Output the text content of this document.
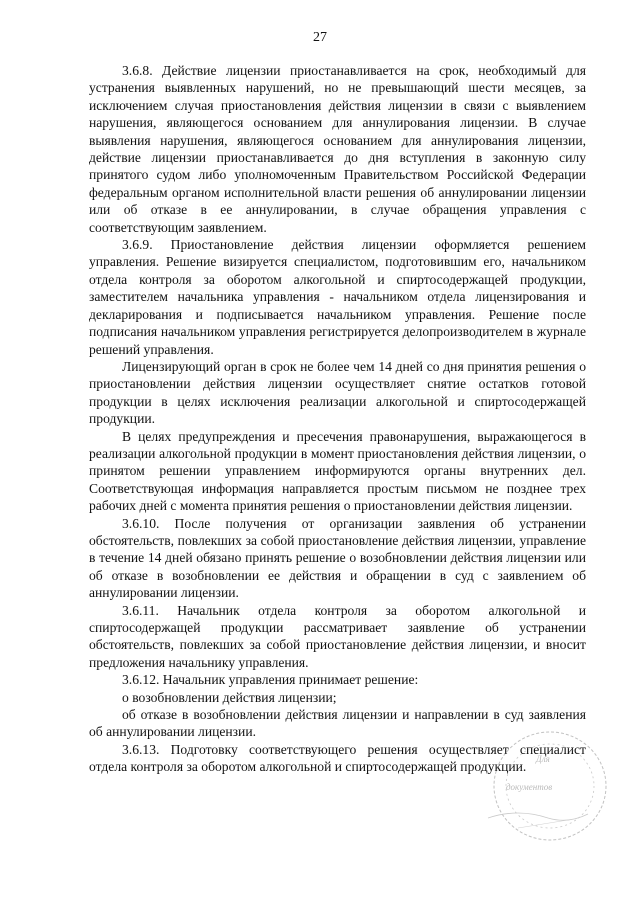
27

3.6.8. Действие лицензии приостанавливается на срок, необходимый для устранения выявленных нарушений, но не превышающий шести месяцев, за исключением случая приостановления действия лицензии в связи с выявлением нарушения, являющегося основанием для аннулирования лицензии. В случае выявления нарушения, являющегося основанием для аннулирования лицензии, действие лицензии приостанавливается до дня вступления в законную силу принятого судом либо уполномоченным Правительством Российской Федерации федеральным органом исполнительной власти решения об аннулировании лицензии или об отказе в ее аннулировании, в случае обращения управления с соответствующим заявлением.

3.6.9. Приостановление действия лицензии оформляется решением управления. Решение визируется специалистом, подготовившим его, начальником отдела контроля за оборотом алкогольной и спиртосодержащей продукции, заместителем начальника управления - начальником отдела лицензирования и декларирования и подписывается начальником управления. Решение после подписания начальником управления регистрируется делопроизводителем в журнале решений управления.

Лицензирующий орган в срок не более чем 14 дней со дня принятия решения о приостановлении действия лицензии осуществляет снятие остатков готовой продукции в целях исключения реализации алкогольной и спиртосодержащей продукции.

В целях предупреждения и пресечения правонарушения, выражающегося в реализации алкогольной продукции в момент приостановления действия лицензии, о принятом решении управлением информируются органы внутренних дел. Соответствующая информация направляется простым письмом не позднее трех рабочих дней с момента принятия решения о приостановлении действия лицензии.

3.6.10. После получения от организации заявления об устранении обстоятельств, повлекших за собой приостановление действия лицензии, управление в течение 14 дней обязано принять решение о возобновлении действия лицензии или об отказе в возобновлении ее действия и обращении в суд с заявлением об аннулировании лицензии.

3.6.11. Начальник отдела контроля за оборотом алкогольной и спиртосодержащей продукции рассматривает заявление об устранении обстоятельств, повлекших за собой приостановление действия лицензии, и вносит предложения начальнику управления.

3.6.12. Начальник управления принимает решение:

о возобновлении действия лицензии;

об отказе в возобновлении действия лицензии и направлении в суд заявления об аннулировании лицензии.

3.6.13. Подготовку соответствующего решения осуществляет специалист отдела контроля за оборотом алкогольной и спиртосодержащей продукции.

Для
документов
